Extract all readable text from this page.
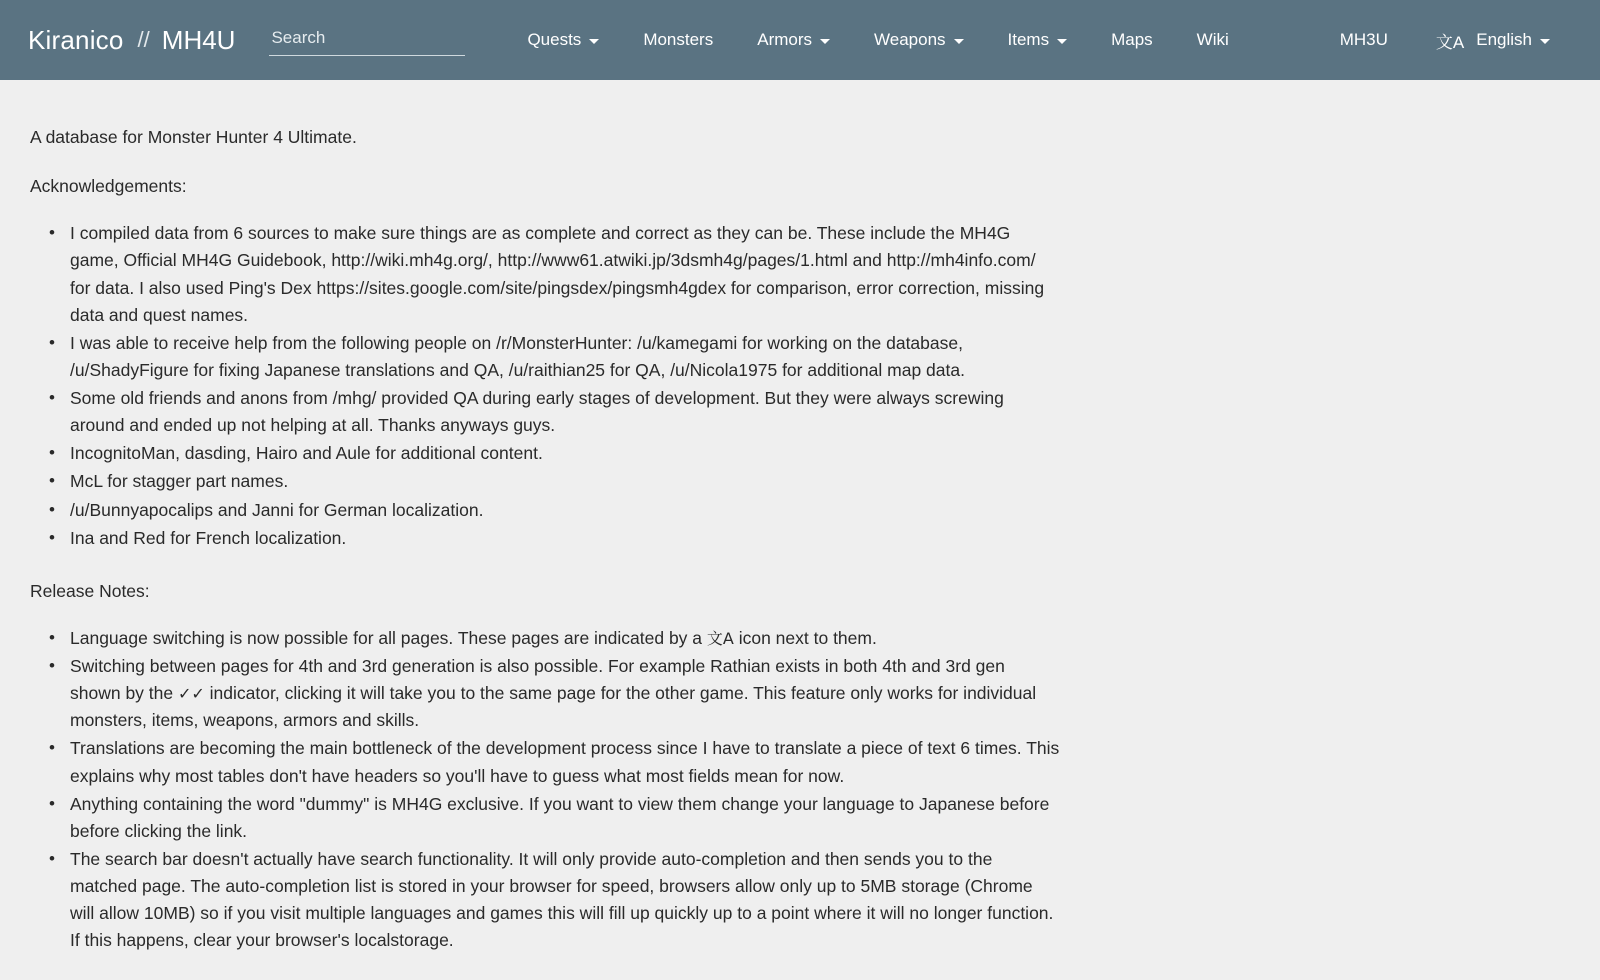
Kiranico // MH4U
Search	Quests	Monsters	Armors	Weapons	Items	Maps	Wiki	MH3U	文A English

A database for Monster Hunter 4 Ultimate.

Acknowledgements:

• I compiled data from 6 sources to make sure things are as complete and correct as they can be. These include the MH4G game, Official MH4G Guidebook, http://wiki.mh4g.org/, http://www61.atwiki.jp/3dsmh4g/pages/1.html and http://mh4info.com/ for data. I also used Ping's Dex https://sites.google.com/site/pingsdex/pingsmh4gdex for comparison, error correction, missing data and quest names.
• I was able to receive help from the following people on /r/MonsterHunter: /u/kamegami for working on the database, /u/ShadyFigure for fixing Japanese translations and QA, /u/raithian25 for QA, /u/Nicola1975 for additional map data.
• Some old friends and anons from /mhg/ provided QA during early stages of development. But they were always screwing around and ended up not helping at all. Thanks anyways guys.
• IncognitoMan, dasding, Hairo and Aule for additional content.
• McL for stagger part names.
• /u/Bunnyapocalips and Janni for German localization.
• Ina and Red for French localization.

Release Notes:

• Language switching is now possible for all pages. These pages are indicated by a 文A icon next to them.
• Switching between pages for 4th and 3rd generation is also possible. For example Rathian exists in both 4th and 3rd gen shown by the ✓✓ indicator, clicking it will take you to the same page for the other game. This feature only works for individual monsters, items, weapons, armors and skills.
• Translations are becoming the main bottleneck of the development process since I have to translate a piece of text 6 times. This explains why most tables don't have headers so you'll have to guess what most fields mean for now.
• Anything containing the word "dummy" is MH4G exclusive. If you want to view them change your language to Japanese before before clicking the link.
• The search bar doesn't actually have search functionality. It will only provide auto-completion and then sends you to the matched page. The auto-completion list is stored in your browser for speed, browsers allow only up to 5MB storage (Chrome will allow 10MB) so if you visit multiple languages and games this will fill up quickly up to a point where it will no longer function. If this happens, clear your browser's localstorage.
